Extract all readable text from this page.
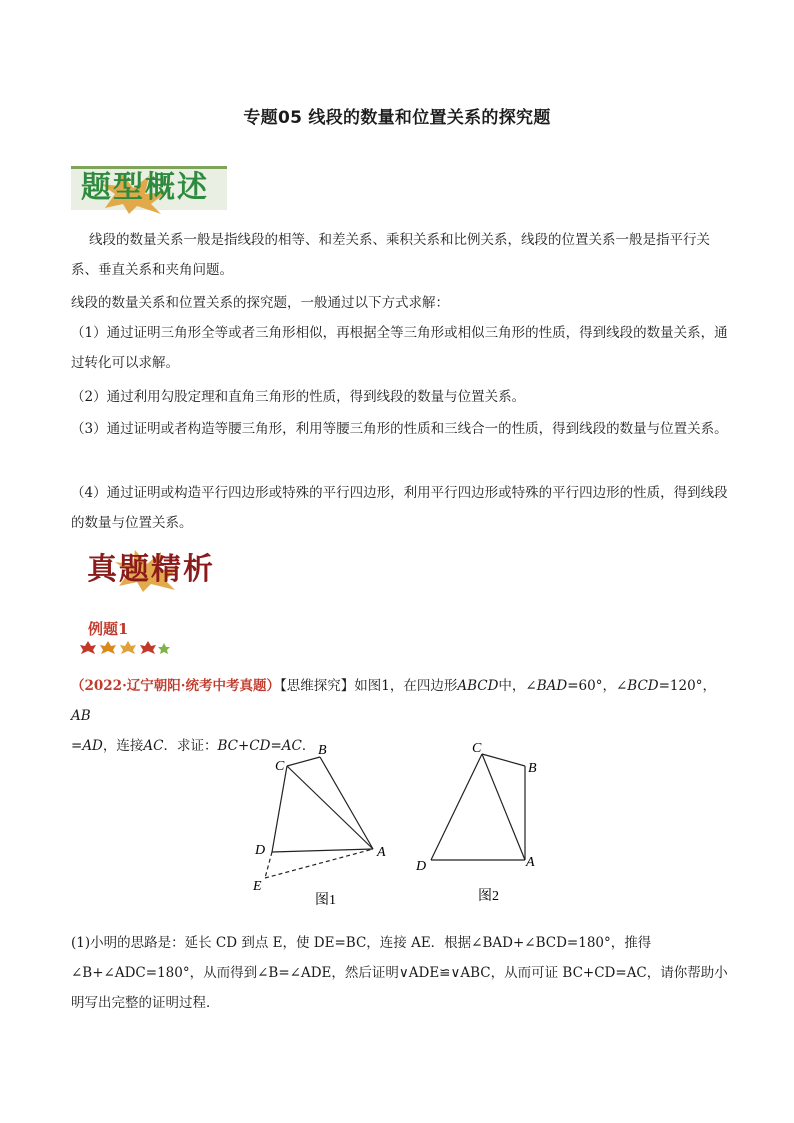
专题05 线段的数量和位置关系的探究题
题型概述

线段的数量关系一般是指线段的相等、和差关系、乘积关系和比例关系，线段的位置关系一般是指平行关系、垂直关系和夹角问题。

线段的数量关系和位置关系的探究题，一般通过以下方式求解：

（1）通过证明三角形全等或者三角形相似，再根据全等三角形或相似三角形的性质，得到线段的数量关系，通过转化可以求解。

（2）通过利用勾股定理和直角三角形的性质，得到线段的数量与位置关系。

（3）通过证明或者构造等腰三角形，利用等腰三角形的性质和三线合一的性质，得到线段的数量与位置关系。

（4）通过证明或构造平行四边形或特殊的平行四边形，利用平行四边形或特殊的平行四边形的性质，得到线段的数量与位置关系。

真题精析
例题1

（2022·辽宁朝阳·统考中考真题）【思维探究】如图1，在四边形ABCD中，∠BAD=60°，∠BCD=120°，AB
=AD，连接AC．求证：BC+CD=AC．

C
B
A
D
E
图1
C
B
A
D
图2

(1)小明的思路是：延长 CD 到点 E，使 DE=BC，连接 AE．根据∠BAD+∠BCD=180°，推得∠B+∠ADC=180°，从而得到∠B=∠ADE，然后证明∨ADE≌∨ABC，从而可证 BC+CD=AC，请你帮助小明写出完整的证明过程．
